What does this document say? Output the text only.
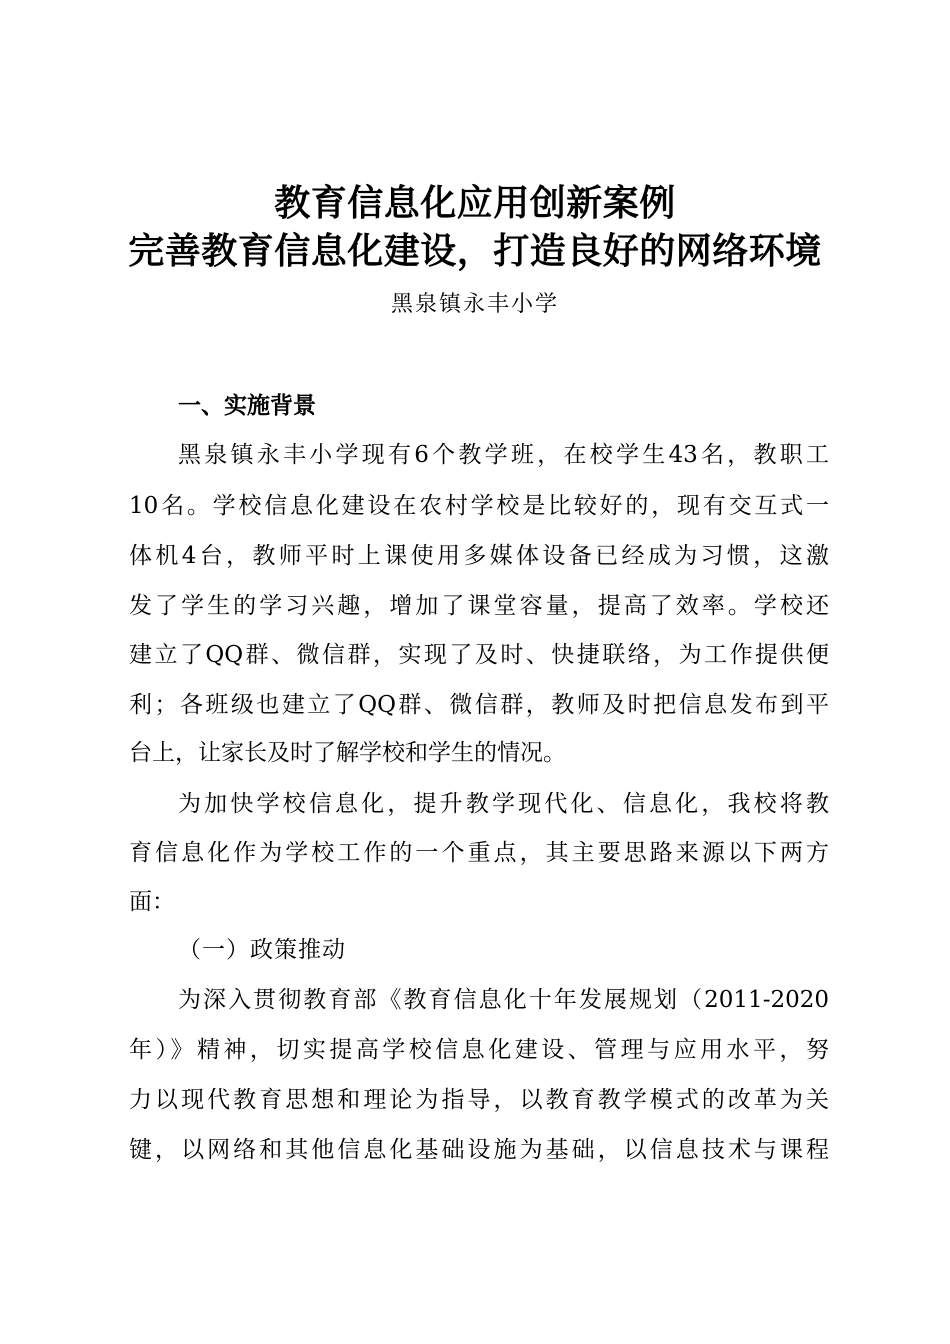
教育信息化应用创新案例
完善教育信息化建设，打造良好的网络环境
黑泉镇永丰小学
一、实施背景
黑泉镇永丰小学现有6个教学班，在校学生43名，教职工
10名。学校信息化建设在农村学校是比较好的，现有交互式一
体机4台，教师平时上课使用多媒体设备已经成为习惯，这激
发了学生的学习兴趣，增加了课堂容量，提高了效率。学校还
建立了QQ群、微信群，实现了及时、快捷联络，为工作提供便
利；各班级也建立了QQ群、微信群，教师及时把信息发布到平
台上，让家长及时了解学校和学生的情况。
为加快学校信息化，提升教学现代化、信息化，我校将教
育信息化作为学校工作的一个重点，其主要思路来源以下两方
面：
（一）政策推动
为深入贯彻教育部《教育信息化十年发展规划（2011-2020
年）》精神，切实提高学校信息化建设、管理与应用水平，努
力以现代教育思想和理论为指导，以教育教学模式的改革为关
键，以网络和其他信息化基础设施为基础，以信息技术与课程
